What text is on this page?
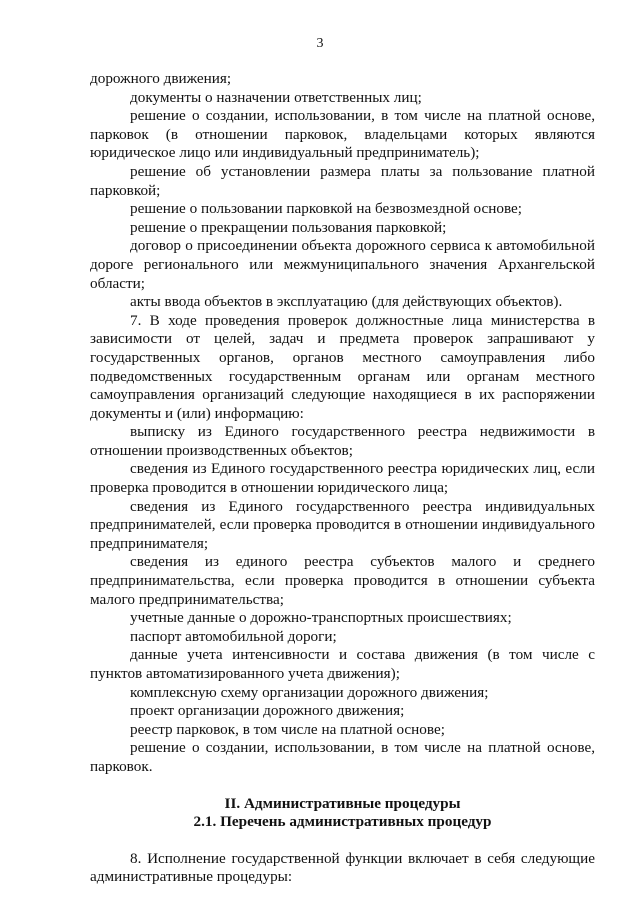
3

дорожного движения;

документы о назначении ответственных лиц;

решение о создании, использовании, в том числе на платной основе, парковок (в отношении парковок, владельцами которых являются юридическое лицо или индивидуальный предприниматель);

решение об установлении размера платы за пользование платной парковкой;

решение о пользовании парковкой на безвозмездной основе;

решение о прекращении пользования парковкой;

договор о присоединении объекта дорожного сервиса к автомобильной дороге регионального или межмуниципального значения Архангельской области;

акты ввода объектов в эксплуатацию (для действующих объектов).

7. В ходе проведения проверок должностные лица министерства в зависимости от целей, задач и предмета проверок запрашивают у государственных органов, органов местного самоуправления либо подведомственных государственным органам или органам местного самоуправления организаций следующие находящиеся в их распоряжении документы и (или) информацию:

выписку из Единого государственного реестра недвижимости в отношении производственных объектов;

сведения из Единого государственного реестра юридических лиц, если проверка проводится в отношении юридического лица;

сведения из Единого государственного реестра индивидуальных предпринимателей, если проверка проводится в отношении индивидуального предпринимателя;

сведения из единого реестра субъектов малого и среднего предпринимательства, если проверка проводится в отношении субъекта малого предпринимательства;

учетные данные о дорожно-транспортных происшествиях;

паспорт автомобильной дороги;

данные учета интенсивности и состава движения (в том числе с пунктов автоматизированного учета движения);

комплексную схему организации дорожного движения;

проект организации дорожного движения;

реестр парковок, в том числе на платной основе;

решение о создании, использовании, в том числе на платной основе, парковок.

II. Административные процедуры

2.1. Перечень административных процедур

8. Исполнение государственной функции включает в себя следующие административные процедуры:
